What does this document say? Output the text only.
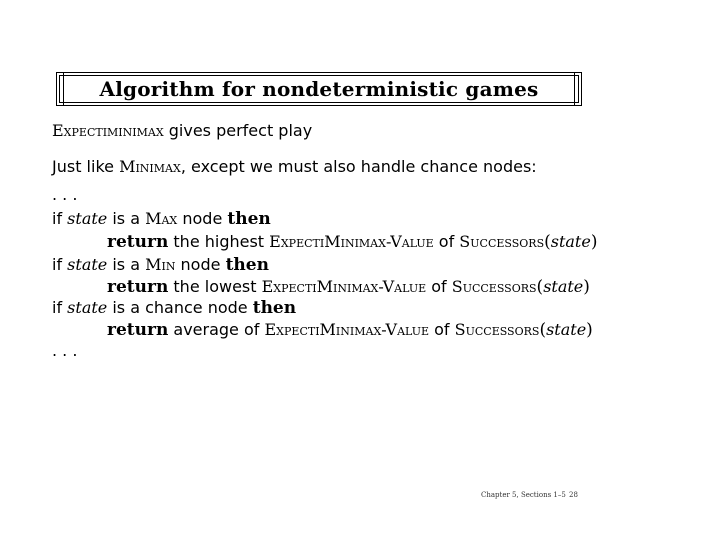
Algorithm for nondeterministic games
Expectiminimax gives perfect play
Just like Minimax, except we must also handle chance nodes:
. . .
if state is a Max node then
return the highest ExpectiMinimax-Value of Successors(state)
if state is a Min node then
return the lowest ExpectiMinimax-Value of Successors(state)
if state is a chance node then
return average of ExpectiMinimax-Value of Successors(state)
. . .
Chapter 5, Sections 1–5 28
